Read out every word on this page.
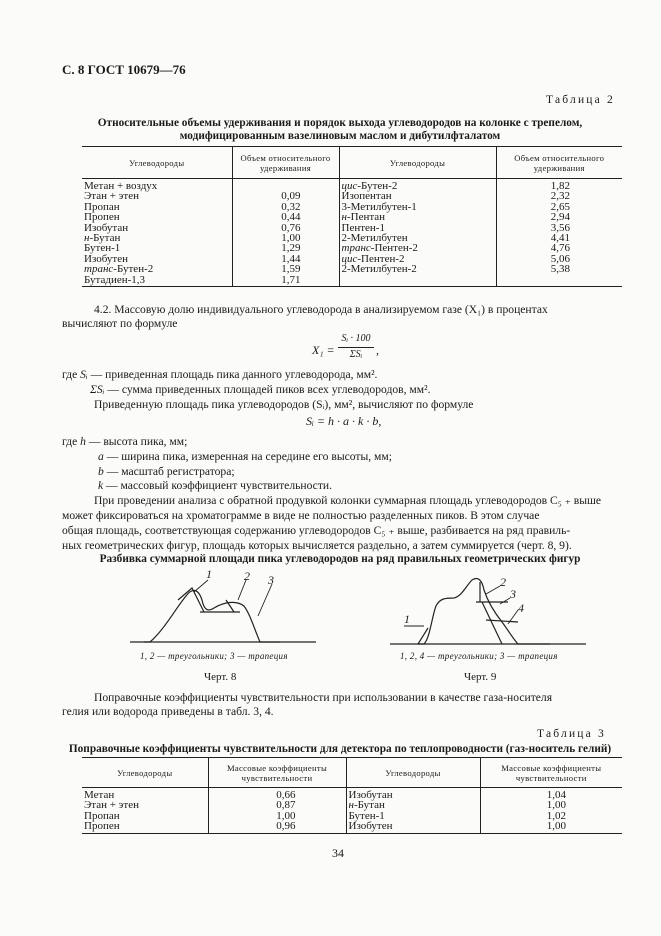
С. 8 ГОСТ 10679—76
Таблица 2
Относительные объемы удерживания и порядок выхода углеводородов на колонке с трепелом,
модифицированным вазелиновым маслом и дибутилфталатом
Углеводороды	Объем относительного удерживания	Углеводороды	Объем относительного удерживания
Метан + воздух		цис-Бутен-2	1,82
Этан + этен	0,09	Изопентан	2,32
Пропан	0,32	3-Метилбутен-1	2,65
Пропен	0,44	н-Пентан	2,94
Изобутан	0,76	Пентен-1	3,56
н-Бутан	1,00	2-Метилбутен	4,41
Бутен-1	1,29	транс-Пентен-2	4,76
Изобутен	1,44	цис-Пентен-2	5,06
транс-Бутен-2	1,59	2-Метилбутен-2	5,38
Бутадиен-1,3	1,71		
4.2. Массовую долю индивидуального углеводорода в анализируемом газе (X₁) в процентах
вычисляют по формуле
X₁ =
Sᵢ · 100
ΣSᵢ	,
где Sᵢ — приведенная площадь пика данного углеводорода, мм².
ΣSᵢ — сумма приведенных площадей пиков всех углеводородов, мм².
Приведенную площадь пика углеводородов (Sᵢ), мм², вычисляют по формуле
Sᵢ = h · a · k · b,
где h — высота пика, мм;
a — ширина пика, измеренная на середине его высоты, мм;
b — масштаб регистратора;
k — массовый коэффициент чувствительности.
При проведении анализа с обратной продувкой колонки суммарная площадь углеводородов C₅ ₊ выше
может фиксироваться на хроматограмме в виде не полностью разделенных пиков. В этом случае
общая площадь, соответствующая содержанию углеводородов C₅ ₊ выше, разбивается на ряд правиль-
ных геометрических фигур, площадь которых вычисляется раздельно, а затем суммируется (черт. 8, 9).
Разбивка суммарной площади пика углеводородов на ряд правильных геометрических фигур
1	2 3
1
2
3
4
1, 2 — треугольники; 3 — трапеция	1, 2, 4 — треугольники; 3 — трапеция
Черт. 8	Черт. 9
Поправочные коэффициенты чувствительности при использовании в качестве газа-носителя
гелия или водорода приведены в табл. 3, 4.
Таблица 3
Поправочные коэффициенты чувствительности для детектора по теплопроводности (газ-носитель гелий)
Углеводороды	Массовые коэффициенты чувствительности	Углеводороды	Массовые коэффициенты чувствительности
Метан	0,66	Изобутан	1,04
Этан + этен	0,87	н-Бутан	1,00
Пропан	1,00	Бутен-1	1,02
Пропен	0,96	Изобутен	1,00
34
